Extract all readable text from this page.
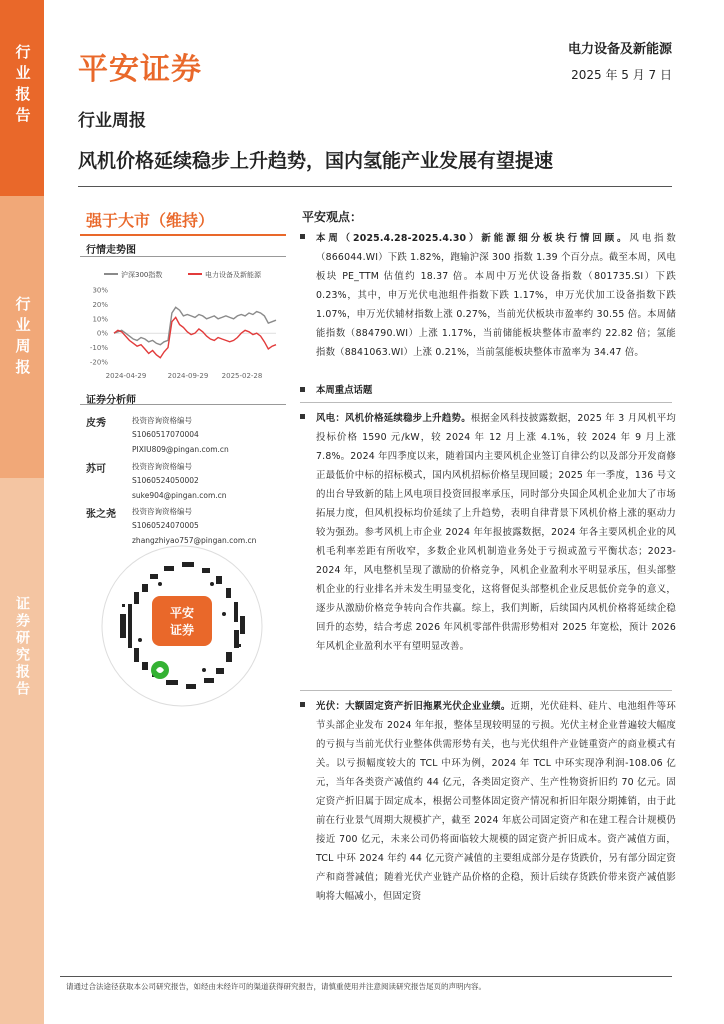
行业报告
行业周报
证券研究报告
平安证券
电力设备及新能源
2025 年 5 月 7 日
行业周报
风机价格延续稳步上升趋势，国内氢能产业发展有望提速
强于大市（维持）
行情走势图
沪深300指数	电力设备及新能源
30%
20%
10%
0%
-10%
-20%
2024-04-29	2024-09-29 2025-02-28
证券分析师
皮秀	投资咨询资格编号
S1060517070004
PIXIU809@pingan.com.cn
苏可	投资咨询资格编号
S1060524050002
suke904@pingan.com.cn
张之尧 投资咨询资格编号
S1060524070005
zhangzhiyao757@pingan.com.cn
平安
证券
平安观点：

本周（2025.4.28-2025.4.30）新能源细分板块行情回顾。风电指数（866044.WI）下跌 1.82%，跑输沪深 300 指数 1.39 个百分点。截至本周，风电板块 PE_TTM 估值约 18.37 倍。本周中万光伏设备指数（801735.SI）下跌 0.23%，其中，申万光伏电池组件指数下跌 1.17%，申万光伏加工设备指数下跌 1.07%，申万光伏辅材指数上涨 0.27%，当前光伏板块市盈率约 30.55 倍。本周储能指数（884790.WI）上涨 1.17%，当前储能板块整体市盈率约 22.82 倍；氢能指数（8841063.WI）上涨 0.21%，当前氢能板块整体市盈率为 34.47 倍。

本周重点话题

风电：风机价格延续稳步上升趋势。根据金风科技披露数据，2025 年 3 月风机平均投标价格 1590 元/kW，较 2024 年 12 月上涨 4.1%，较 2024 年 9 月上涨 7.8%。2024 年四季度以来，随着国内主要风机企业签订自律公约以及部分开发商修正最低价中标的招标模式，国内风机招标价格呈现回暖；2025 年一季度，136 号文的出台导致新的陆上风电项目投资回报率承压，同时部分央国企风机企业加大了市场拓展力度，但风机投标均价延续了上升趋势，表明自律背景下风机价格上涨的驱动力较为强劲。参考风机上市企业 2024 年年报披露数据，2024 年各主要风机企业的风机毛利率差距有所收窄，多数企业风机制造业务处于亏损或盈亏平衡状态；2023-2024 年，风电整机呈现了激励的价格竞争，风机企业盈利水平明显承压，但头部整机企业的行业排名并未发生明显变化，这将督促头部整机企业反思低价竞争的意义，逐步从激励价格竞争转向合作共赢。综上，我们判断，后续国内风机价格将延续企稳回升的态势，结合考虑 2026 年风机零部件供需形势相对 2025 年宽松，预计 2026 年风机企业盈利水平有望明显改善。

光伏：大额固定资产折旧拖累光伏企业业绩。近期，光伏硅料、硅片、电池组件等环节头部企业发布 2024 年年报，整体呈现较明显的亏损。光伏主材企业普遍较大幅度的亏损与当前光伏行业整体供需形势有关，也与光伏组件产业链重资产的商业模式有关。以亏损幅度较大的 TCL 中环为例，2024 年 TCL 中环实现净利润-108.06 亿元，当年各类资产减值约 44 亿元，各类固定资产、生产性物资折旧约 70 亿元。固定资产折旧属于固定成本，根据公司整体固定资产情况和折旧年限分期摊销，由于此前在行业景气周期大规模扩产，截至 2024 年底公司固定资产和在建工程合计规模仍接近 700 亿元，未来公司仍将面临较大规模的固定资产折旧成本。资产减值方面，TCL 中环 2024 年约 44 亿元资产减值的主要组成部分是存货跌价，另有部分固定资产和商誉减值；随着光伏产业链产品价格的企稳，预计后续存货跌价带来资产减值影响将大幅减小，但固定资

请通过合法途径获取本公司研究报告，如经由未经许可的渠道获得研究报告，请慎重使用并注意阅读研究报告尾页的声明内容。
